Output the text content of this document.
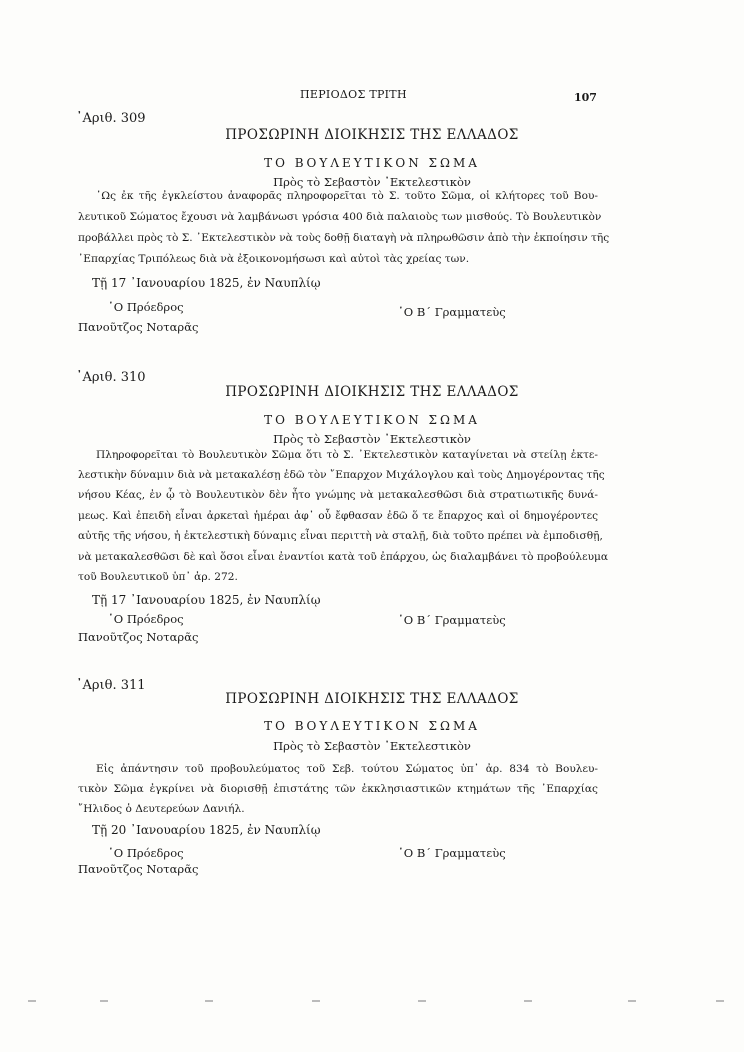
ΠΕΡΙΟΔΟΣ ΤΡΙΤΗ	107
᾽Αριθ. 309
ΠΡΟΣΩΡΙΝΗ ΔΙΟΙΚΗΣΙΣ ΤΗΣ ΕΛΛΑΔΟΣ
ΤΟ ΒΟΥΛΕΥΤΙΚΟΝ ΣΩΜΑ
Πρὸς τὸ Σεβαστὸν ᾽Εκτελεστικὸν
῾Ως ἐκ τῆς ἐγκλείστου ἀναφορᾶς πληροφορεῖται τὸ Σ. τοῦτο Σῶμα, οἱ κλήτορες τοῦ Βου-
λευτικοῦ Σώματος ἔχουσι νὰ λαμβάνωσι γρόσια 400 διὰ παλαιοὺς των μισθούς. Τὸ Βουλευτικὸν
προβάλλει πρὸς τὸ Σ. ᾽Εκτελεστικὸν νὰ τοὺς δοθῇ διαταγὴ νὰ πληρωθῶσιν ἀπὸ τὴν ἐκποίησιν τῆς
᾽Επαρχίας Τριπόλεως διὰ νὰ ἐξοικονομήσωσι καὶ αὐτοὶ τὰς χρείας των.
Τῇ 17 ᾽Ιανουαρίου 1825, ἐν Ναυπλίῳ
῾Ο Πρόεδρος	῾Ο Β´ Γραμματεὺς
Πανοῦτζος Νοταρᾶς
᾽Αριθ. 310
ΠΡΟΣΩΡΙΝΗ ΔΙΟΙΚΗΣΙΣ ΤΗΣ ΕΛΛΑΔΟΣ
ΤΟ ΒΟΥΛΕΥΤΙΚΟΝ ΣΩΜΑ
Πρὸς τὸ Σεβαστὸν ᾽Εκτελεστικὸν
Πληροφορεῖται τὸ Βουλευτικὸν Σῶμα ὅτι τὸ Σ. ᾽Εκτελεστικὸν καταγίνεται νὰ στείλῃ ἐκτε-
λεστικὴν δύναμιν διὰ νὰ μετακαλέσῃ ἐδῶ τὸν ῎Επαρχον Μιχάλογλου καὶ τοὺς Δημογέροντας τῆς
νήσου Κέας, ἐν ᾧ τὸ Βουλευτικὸν δὲν ἦτο γνώμης νὰ μετακαλεσθῶσι διὰ στρατιωτικῆς δυνά-
μεως. Καὶ ἐπειδὴ εἶναι ἀρκεταὶ ἡμέραι ἀφ᾽ οὗ ἔφθασαν ἐδῶ ὅ τε ἔπαρχος καὶ οἱ δημογέροντες
αὐτῆς τῆς νήσου, ἡ ἐκτελεστικὴ δύναμις εἶναι περιττὴ νὰ σταλῇ, διὰ τοῦτο πρέπει νὰ ἐμποδισθῇ,
νὰ μετακαλεσθῶσι δὲ καὶ ὅσοι εἶναι ἐναντίοι κατὰ τοῦ ἐπάρχου, ὡς διαλαμβάνει τὸ προβούλευμα
τοῦ Βουλευτικοῦ ὑπ᾽ ἀρ. 272.
Τῇ 17 ᾽Ιανουαρίου 1825, ἐν Ναυπλίῳ
῾Ο Πρόεδρος	῾Ο Β´ Γραμματεὺς
Πανοῦτζος Νοταρᾶς
᾽Αριθ. 311
ΠΡΟΣΩΡΙΝΗ ΔΙΟΙΚΗΣΙΣ ΤΗΣ ΕΛΛΑΔΟΣ
ΤΟ ΒΟΥΛΕΥΤΙΚΟΝ ΣΩΜΑ
Πρὸς τὸ Σεβαστὸν ᾽Εκτελεστικὸν
Εἰς ἀπάντησιν τοῦ προβουλεύματος τοῦ Σεβ. τούτου Σώματος ὑπ᾽ ἀρ. 834 τὸ Βουλευ-
τικὸν Σῶμα ἐγκρίνει νὰ διορισθῇ ἐπιστάτης τῶν ἐκκλησιαστικῶν κτημάτων τῆς ᾽Επαρχίας
῎Ηλιδος ὁ Δευτερεύων Δανιήλ.
Τῇ 20 ᾽Ιανουαρίου 1825, ἐν Ναυπλίῳ
῾Ο Πρόεδρος	῾Ο Β´ Γραμματεὺς
Πανοῦτζος Νοταρᾶς
